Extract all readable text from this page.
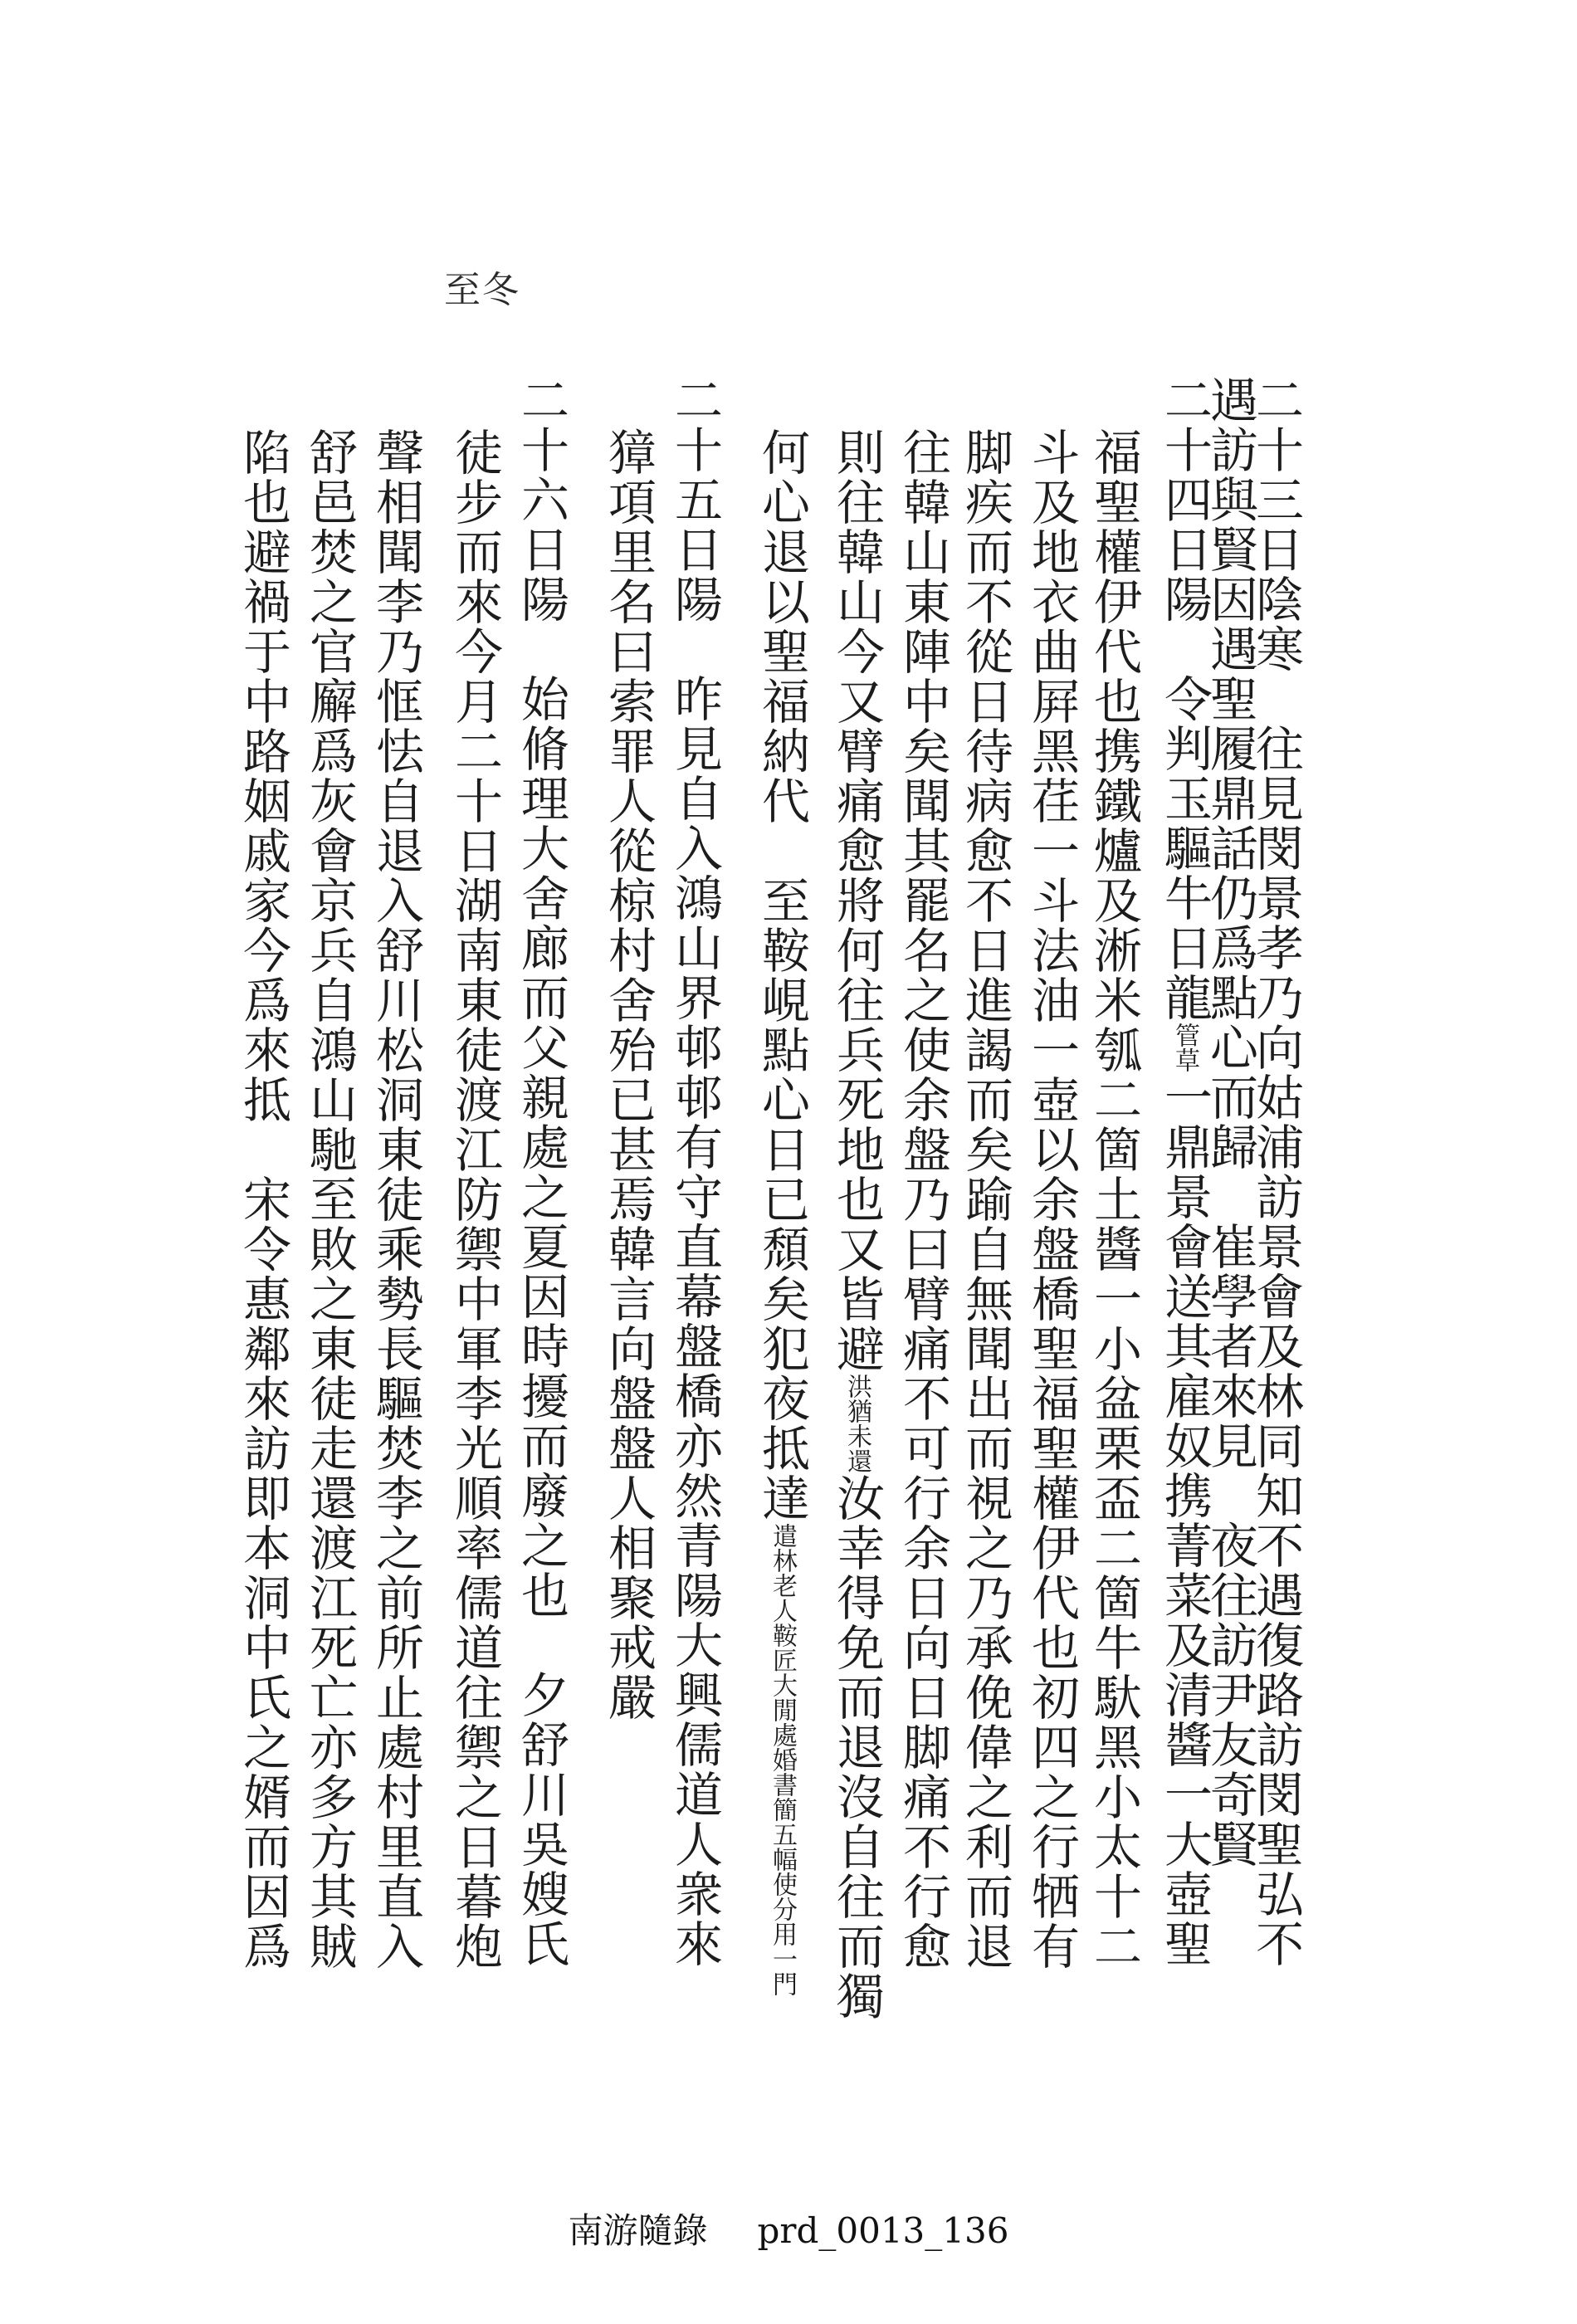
至冬
二十三日陰寒　往見閔景孝乃向姑浦訪景會及林同知不遇復路訪閔聖弘不
遇訪與賢因遇聖履鼎話仍爲點心而歸　崔學者來見　夜往訪尹友奇賢
二十四日陽　令判玉驅牛日龍管草一鼎景會送其雇奴携菁菜及清醬一大壺聖
福聖權伊代也携鐵爐及淅米瓠二箇土醬一小盆栗盃二箇牛馱黑小太十二
斗及地衣曲屛黑荏一斗法油一壺以余盤橋聖福聖權伊代也初四之行牺有
脚疾而不從日待病愈不日進謁而矣踰自無聞出而視之乃承俛偉之利而退
往韓山東陣中矣聞其罷名之使余盤乃曰臂痛不可行余日向日脚痛不行愈
則往韓山今又臂痛愈將何往兵死地也又皆避洪猶未還汝幸得免而退沒自往而獨
何心退以聖福納代　至鞍峴點心日已頹矣犯夜抵達遣林老人鞍匠大閒處婚書簡五幅使分用一門
二十五日陽　昨見自入鴻山界邨邨有守直幕盤橋亦然青陽大興儒道人衆來
獐項里名曰索罪人從椋村舍殆已甚焉韓言向盤盤人相聚戒嚴
二十六日陽　始脩理大舍廊而父親處之夏因時擾而廢之也　夕舒川吳嫂氏
徒步而來今月二十日湖南東徒渡江防禦中軍李光順率儒道往禦之日暮炮
聲相聞李乃恇怯自退入舒川松洞東徒乘勢長驅焚李之前所止處村里直入
舒邑焚之官廨爲灰會京兵自鴻山馳至敗之東徒走還渡江死亡亦多方其賊
陷也避禍于中路姻戚家今爲來抵　宋令惠鄰來訪即本洞中氏之婿而因爲
南游隨錄 prd_0013_136
